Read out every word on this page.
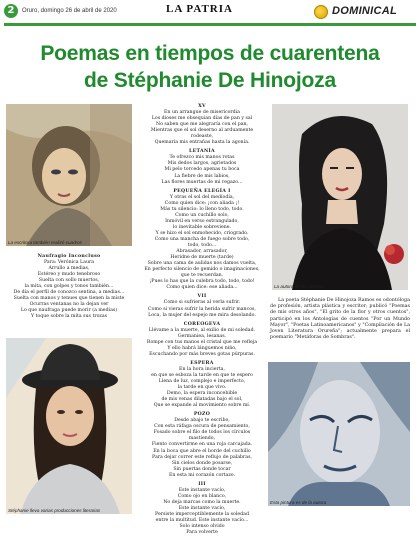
2	Oruro, domingo 26 de abril de 2020	LA PATRIA	DOMINICAL
Poemas en tiempos de cuarentena
de Stéphanie De Hinojoza
La escritora también realizó cuadros

XV

En un arrangue de misericordia

Los dioses me obsequian días de pan y sal

No saben que me alegraría con el pan,

Mientras que el sol deserno al arduamente rodeaste,

Quemaría mis entrañas hasta la agonía.

LETANÍA

Te ofrezco mis manos rotas

Mis dedos largos, agrietados

Mi pelo torcedo apenas tu boca

La fiebre de mis labios,

Las flores muertas de mi regazo...

PEQUEÑA ELEGÍA I

Y otras el sol del mediodía,

Como quien dice: ¡con aliada ¡!

Más tu silencio: lo lleno todo, todo.

Como un cuchillo solo,

Inmóvil en verso estrangulado,

lo inevitable sobreviene.

Y se hizo el sol enmohecido, criogrado.

Como una mancha de fuego sobre todo,

todo, todo...

Abrasador, arrasador,

Heridne de muerte (tarde)

Sobre una cama de aulidas nos damos vuelta,

En perfecto silencio de gemido o imaginaciones,

que te recuerdan.

¡Pues lo has que la culebra todo, todo, todo!

Como quien dice: ese aliada...

VII

Como si sufrieras al verla sufrir.

Como si vieras sufrir la herida sufrir mancos,

Loca, la mujer del espejo me mira desolando.

COREOGEVA

Llévame a la muerte, al exilio de mi soledad.

Germaniea, lesanas.

Rompe con tus manos el cristal que me refleja

Y ello habrá lánguemos niño,

Escuchando por más breves gotas púrpuras.

ESPERA

En la hora incierta,

en que se esboza la tarde en que te espero

Llena de luz, complejo e imperfecto,

la tarde en que vivo.

Demo, la espera inconcebible

de mis venas dilatadas bajo el sol,

Que se expande al movimiento sobre mí.

POZO

Desde abajo te escribo,

Con esta ráfaga oscura de pensamiento,

Fosado sobre el filo de todos los círculos mastiendo,

Fiento convertirme en una roja carcajada.

En la boca que abre el borde del cuchillo

Para dejar correr este reflujo de palabras,

Sin cielos donde posarse,

Sin puertas donde tocar

En esta mi corazón cortazo.

III

Este instante vacío,

Como ojo en blanco,

No deja marcas como la muerte.

Este instante vacío,

Persiste imperceptiblemente la soledad

entre la multitud. Este instante vacío...

Solo intenso olvido

Para volverte

La autora de los poemas

La poeta Stéphanie De Hinojoza Ramos es odontóloga de profesión, artista plástica y escritor; publicó "Poemas de mis otros años", "El grito de la flor y otros cuentos", participó en los Antologías de cuentos "Por un Mundo Mayor", "Poetas Latinoamericanos" y "Compilación de La Joven Literatura Orureña"; actualmente prepara el poemario "Metáforas de Sombras".

Naufragio Inconcluso

Para: Verónica Laura

Arrullo a medias,

Estéreo y mudo tenebroso

Suelta con sollo muertos,

la mita, con golpes y tonos también...

De día el perfil de conozco sentina, a medias...

Suelta con manos y tenues que tienen la miste

Ocurras ventanas no la dejan ver

Lo que naufraga puede morir (a medias)

Y toque sobre la mita sus trozas

Stéphanie lleva varias producciones literarias
Esta pintura es de la autora
